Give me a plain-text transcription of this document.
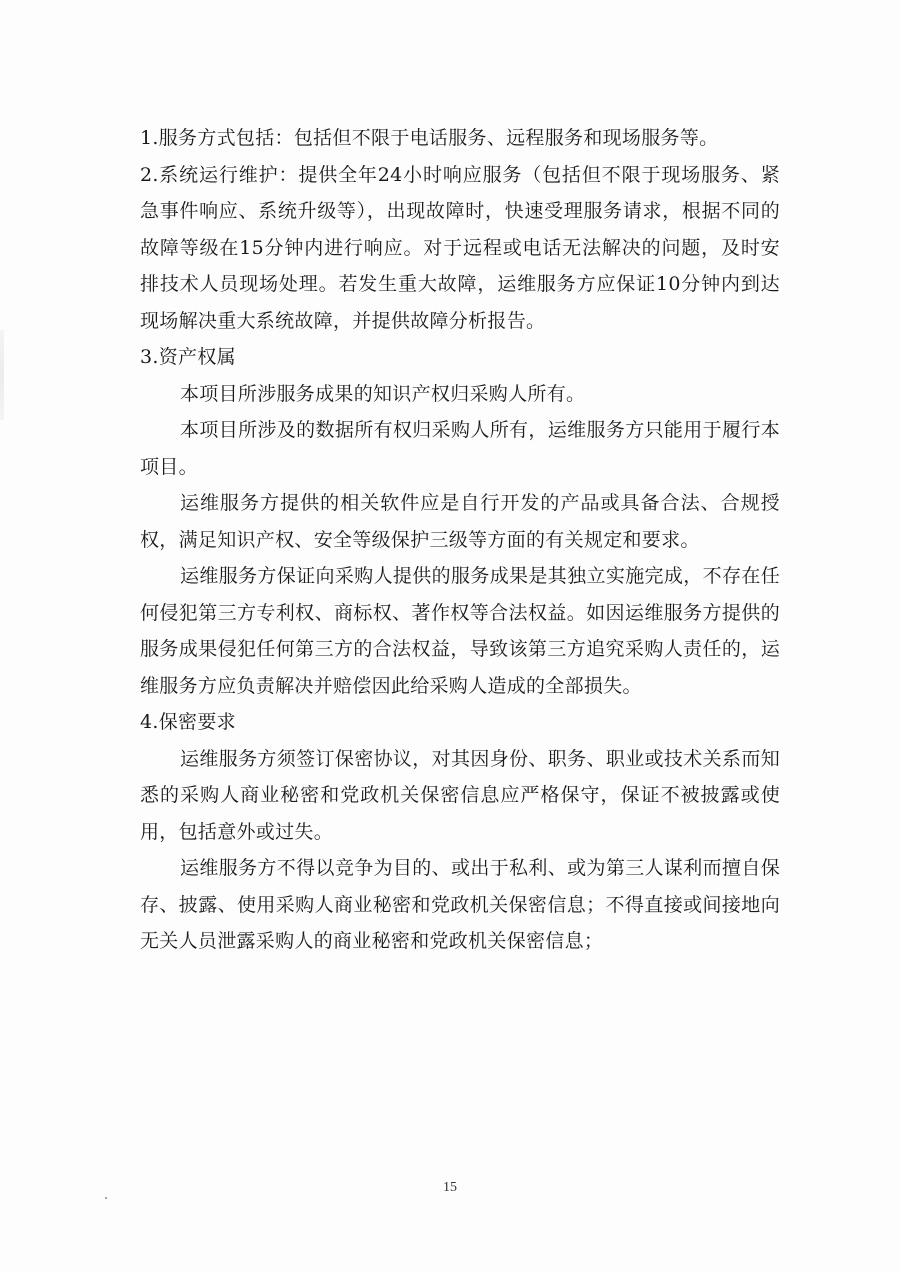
1.服务方式包括：包括但不限于电话服务、远程服务和现场服务等。

2.系统运行维护：提供全年24小时响应服务（包括但不限于现场服务、紧急事件响应、系统升级等），出现故障时，快速受理服务请求，根据不同的故障等级在15分钟内进行响应。对于远程或电话无法解决的问题，及时安排技术人员现场处理。若发生重大故障，运维服务方应保证10分钟内到达现场解决重大系统故障，并提供故障分析报告。

3.资产权属

本项目所涉服务成果的知识产权归采购人所有。

本项目所涉及的数据所有权归采购人所有，运维服务方只能用于履行本项目。

运维服务方提供的相关软件应是自行开发的产品或具备合法、合规授权，满足知识产权、安全等级保护三级等方面的有关规定和要求。

运维服务方保证向采购人提供的服务成果是其独立实施完成，不存在任何侵犯第三方专利权、商标权、著作权等合法权益。如因运维服务方提供的服务成果侵犯任何第三方的合法权益，导致该第三方追究采购人责任的，运维服务方应负责解决并赔偿因此给采购人造成的全部损失。

4.保密要求

运维服务方须签订保密协议，对其因身份、职务、职业或技术关系而知悉的采购人商业秘密和党政机关保密信息应严格保守，保证不被披露或使用，包括意外或过失。

运维服务方不得以竞争为目的、或出于私利、或为第三人谋利而擅自保存、披露、使用采购人商业秘密和党政机关保密信息；不得直接或间接地向无关人员泄露采购人的商业秘密和党政机关保密信息；

15
